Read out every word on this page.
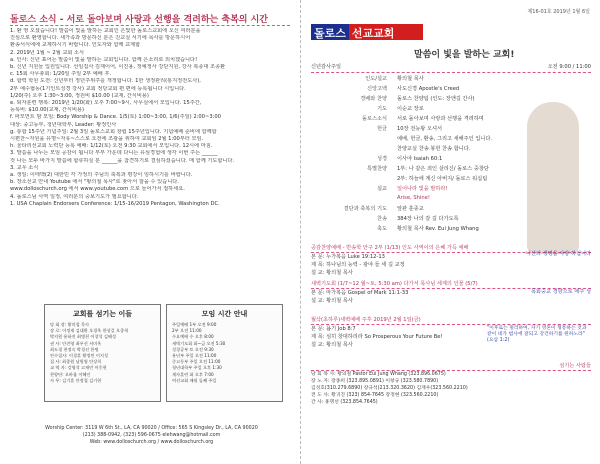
돌로스 소식 - 서로 돌아보며 사랑과 선행을 격려하는 축복의 시간

1. 환 영 오셨습니다! 말씀이 빛을 발하는 교회인 은빛한 돌로스교회에 오신 여러분을

진심으로 환영합니다. 새가족과 방문하신 분은 친교실 서기에 목사를 방문하시어

환송서식에에 교제하시기 바랍니다. 인도자와 함께 교제합

2. 2019년 1월 ~ 2월 교회 소식

a. 인사: 신년 표어는 말씀이 빛을 발하는 교회입니다. 함께 은소리로 외치겠습니다!

b. 신년 지원들 입원입니다. 선임집사 김재이어, 이진용, 정예정사 강단지원, 강사 복종대 조종환

c. 15회 사무총회: 1/20일 주일 2부 예배 후.

d. 합력 학원 도전: 신년부터 정년주위주를 개정합니다. 1한 생정관리(통지정전도사),

2부 예수협동(1기인트성경 강사) 교회 정당교회 편 편에 등록됩니다 시입니다.

1/20(주) 오후 1:30~3:00, 정원비 $10.00 (교재, 간식비용)

e. 퇴자훈련 행복: 2019년 1/20(화) 오후 7:00~9시, 사무실에서 모입니다. 15주간,

등록비: $10.00(교재, 간식비용)

f. 파모먼트 밤 모임: Body Worship & Dance. 1/5(토) 1:00~3:00, 1/6(주일) 2:00~3:00

대상: 중고등부, 청년대학부, Leader: 황정인사

g. 통합 15주년 기념주일: 2월 3일 돌로스교회 창립 15주년입니다. 기념예배 준비에 함께합

시편찬~자원을 유명~자유~스스로 오전에 조광을 위하여 교회임 2월 1:00부터 모임.

h. 울타리선교회 노력단 등록 예배: 1/12(토) 오전 9:30 교회에서 모입니다. 12시에 마침.

3. 말씀을 나누는 모임 공감이 됩니다 부부 가운데 다니는 유심경험에 생각 이번 주는 ______

것 나는 모두 바가지 말씀에 합류하실 분 ______을 참견하기로 결심하셨습니다. 매 함께 기도합니다.

3. 교우 소식

a. 생일: 이태맥(2) 대한민 각 가정의 주님의 축복과 평강이 임하시기를 바랍니다.

b. 장소선교 안내 Youtube 에서 "황의철 목사"로 찾아서 잘을 수 있습니다.

www.dolloschurch.org 에서 www.youtube.com 으로 들어가서 접하세요.

4. 돌로스님 사역 일정, 여러분의 중보기도가 필요합니다.

1. USA Chaplain Endorsers Conference: 1/15-16/2019 Pentagon, Washington DC.

교회를 섬기는 이들

당 회 장: 황의철 목사

장 로: 이정재 김대환 오경옥 한상길 오종혁

박지원 윤하진 최병천 이창석 김해성

권 사: 안진영 최우선 서미옥

최도경 현정숙 박경선 한명

안수집사: 이경훈 황정민 이지성

집 사: 최종원 남원영 안상희

교 역 자: 강영석 고재민 이웅현

찬양단: 오바울 이혜인

사 무: 김기훈 안정철 김기현

모임 시간 안내

주일예배 1부 오전 9:00

2부 오전 11:00

수요예배 수 오후 8:00

새벽기도회 화~금 오전 5:30

성경공부 토 오전 9:30

유년부 주일 오전 11:00

중고등부 주일 오전 11:00

청년대학부 주일 오후 1:30

제자훈련 화 오후 7:00

여선교회 매월 둘째 주일

Worship Center: 3119 W 6th St., LA, CA 90020 / Office: 565 S Kingsley Dr., LA, CA 90020
(213) 388-0942, (323) 596-0675 elehwang@hotmail.com
Web: www.dolloschurch.org / www.dolloschurch.org
제16-01호 2019년 1월 6일
돌로스 선교교회
말씀이 빛을 발하는 교회!
신년감사주일	오전 9:00 / 11:00
인도/설교	황의철 목사
신앙고백	사도신경 Apostle's Creed
경배와 찬양	돌로스 찬양팀 (인도: 장앤길 간사)
기도	이순교 장로
돌로스소식	서로 돌아보며 사랑과 선행을 격려하며
헌금	10장 전능왕 오셔서
예배, 헌금, 환송, 그리고 새해주인 입니다.
찬양교실 찬송 봉헌 찬송 합니다.
성경	이사야 Isaiah 60:1
특별찬양	1부: 나 같은 죄인 살리신/ 돌로스 중창단
2부: 하늘에 계신 아버지/ 돌로스 워십팀
설교	일어나라 빛을 발하라!
Arise, Shine!
결단과 축복의 기도	앞관 훈종교
찬송	384장 나의 갈 길 다가도록
축도	황의철 목사 Rev. Eui Jung Whang
공감찬양예배 - 반송학 안구 2부 (1/13) 인도 사역이의 은혜 가득 예배
본 문: 누가복음 Luke 19:12-13
제 목: 하나님의 능력 - 광야 들 세 길 교정
설 교: 황의철 목사
니신의 생명을 사랑 하십니다
새벽기도회 (1/7~12 월~토, 5:30 am) 다가서 목사님 세계의 인물 (5/7)
본 문: 마가복음 Gospel of Mark 11:1-33
설 교: 황의철 목사
목회중교 경향으로 매주 성
월삭(초하루)새벽예배 주후 2019년 2월 1일(금)
본 문: 욥기 Job 8:7
제 목: 심히 창대하리라 So Prosperous Your Future Be!
설 교: 황의철 목사
"이후로는 멀리하여, 자기 영혼이 형통하는 것과 같이 네가 범사에 잘되고 강건하기를 원하노라" (요삼 1:2)
섬기는 사람들

당 회 목 사: 황의철 Pastor Eui Jung Whang (323.896.0675)

장 노 자: 장종희 (323.895.0891) 이창규 (323.580.7890)

김성호(310.279.6890) 장규석(213.320.3620) 김재우(323.560.2210)

전 도 사: 황귀진 (323) 854-7645 장정현 (323.560.2210)

간 사: 홍명선 (323.854.7645)
